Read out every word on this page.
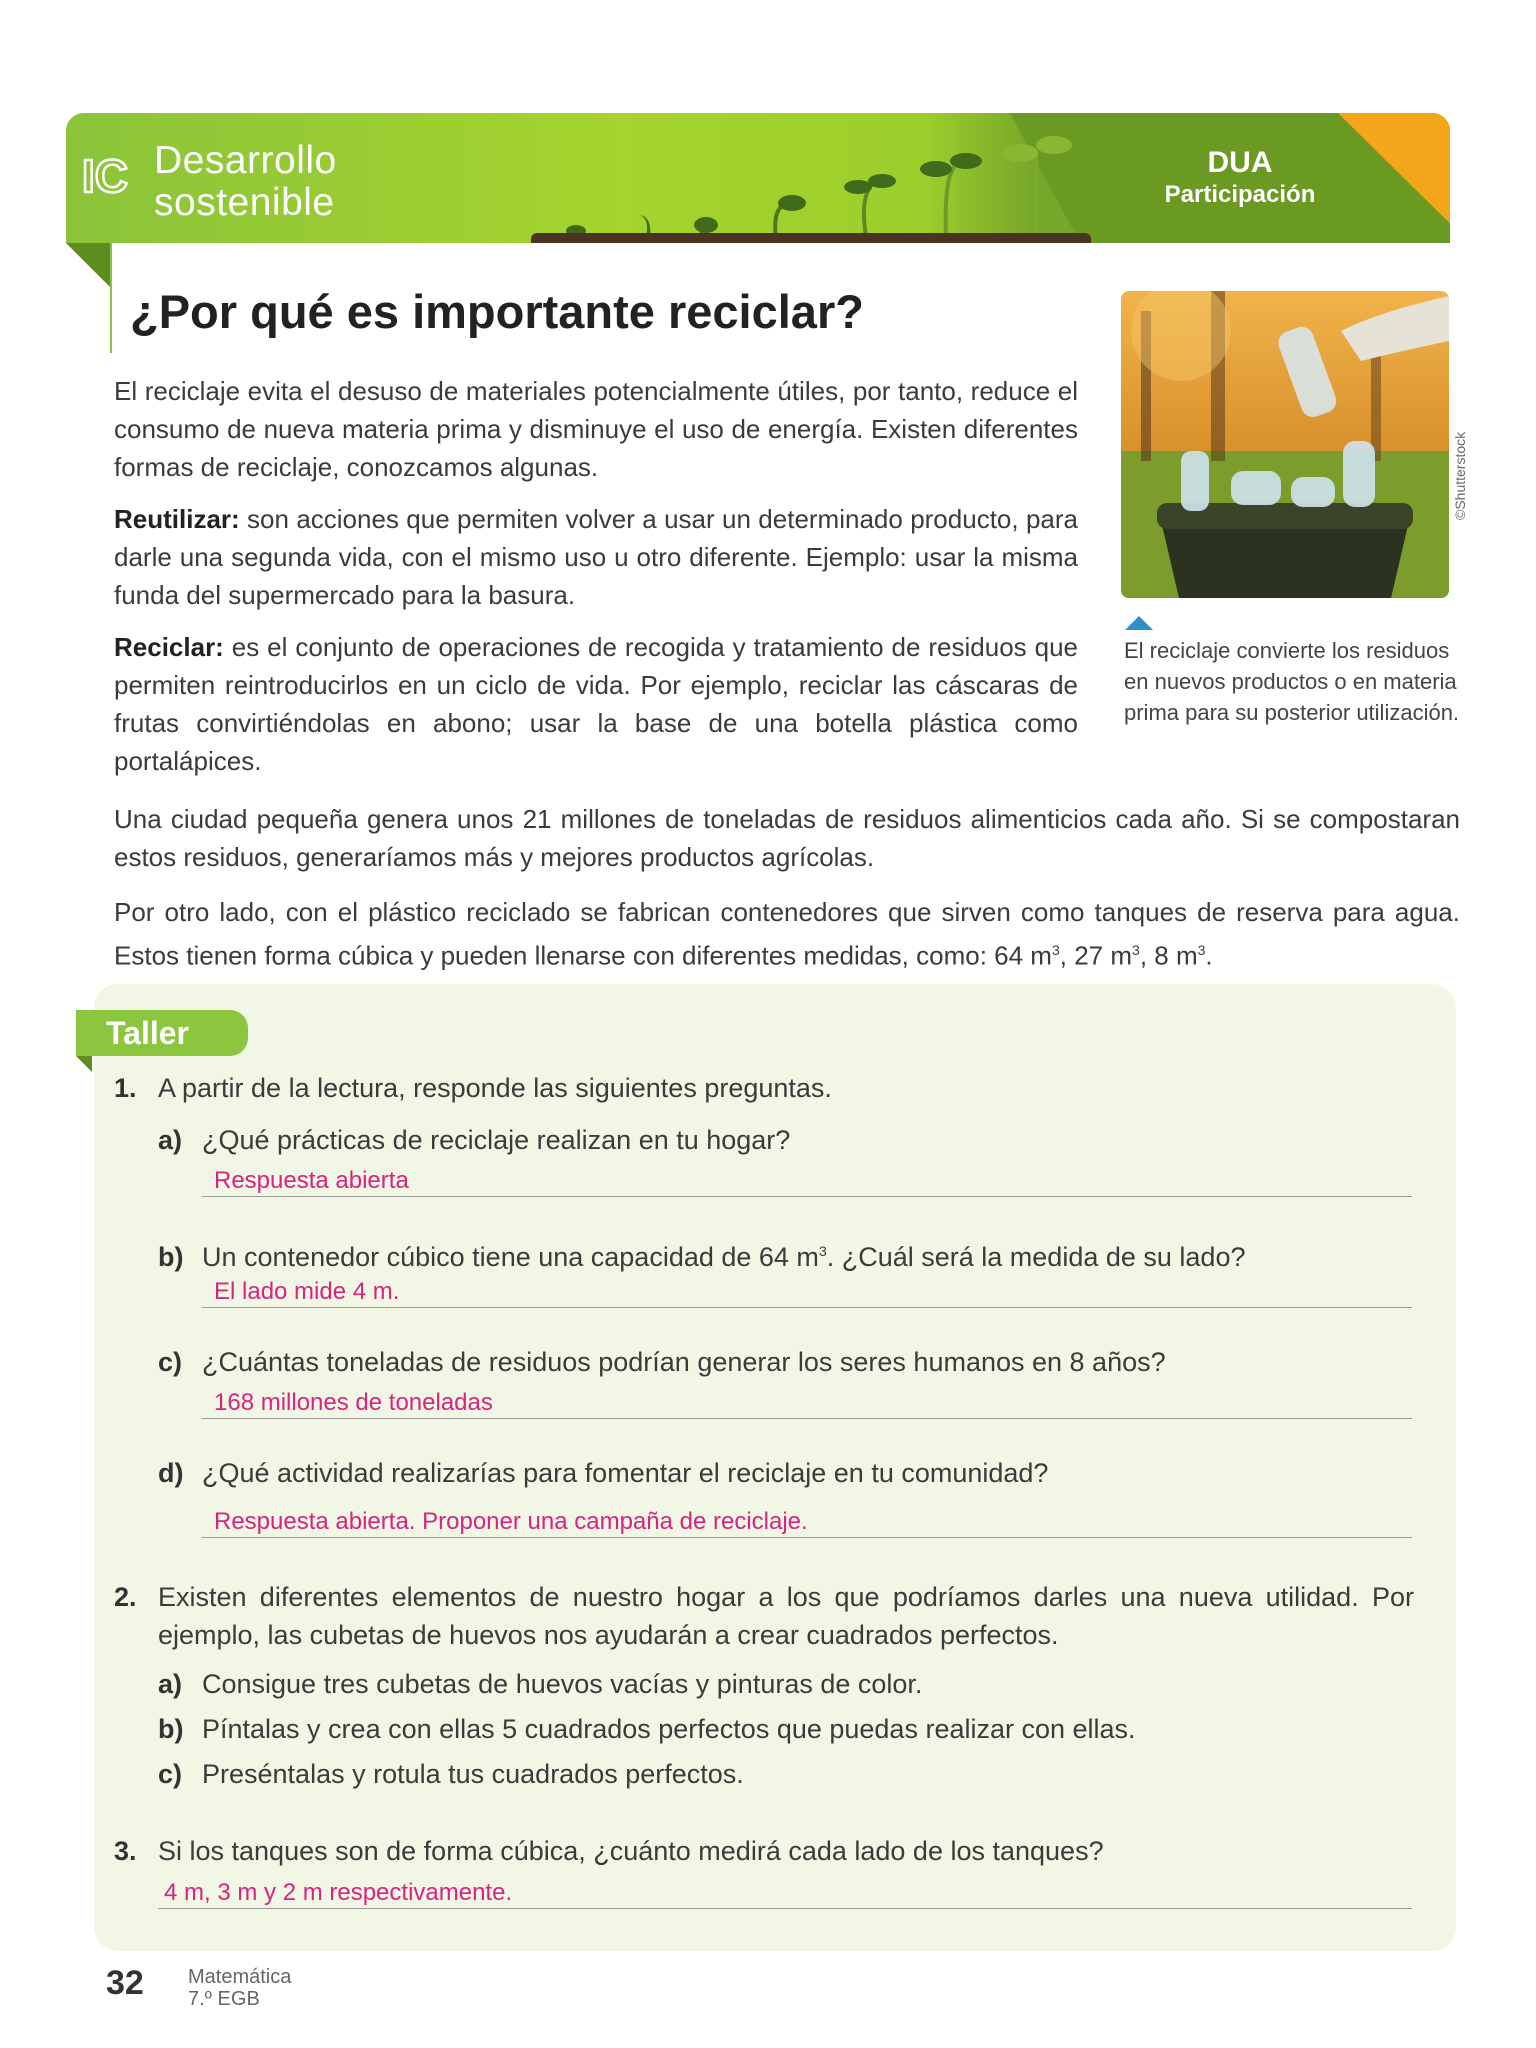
IC Desarrollo
sostenible
DUA
Participación
¿Por qué es importante reciclar?

El reciclaje evita el desuso de materiales potencialmente útiles, por tanto, reduce el consumo de nueva materia prima y disminuye el uso de energía. Existen diferentes formas de reciclaje, conozcamos algunas.

Reutilizar: son acciones que permiten volver a usar un determinado producto, para darle una segunda vida, con el mismo uso u otro diferente. Ejemplo: usar la misma funda del supermercado para la basura.

Reciclar: es el conjunto de operaciones de recogida y tratamiento de residuos que permiten reintroducirlos en un ciclo de vida. Por ejemplo, reciclar las cáscaras de frutas convirtiéndolas en abono; usar la base de una botella plástica como portalápices.

©Shutterstock
El reciclaje convierte los residuos en nuevos productos o en materia prima para su posterior utilización.

Una ciudad pequeña genera unos 21 millones de toneladas de residuos alimenticios cada año. Si se compostaran estos residuos, generaríamos más y mejores productos agrícolas.

Por otro lado, con el plástico reciclado se fabrican contenedores que sirven como tanques de reserva para agua. Estos tienen forma cúbica y pueden llenarse con diferentes medidas, como: 64 $m^3$, 27 $m^3$, 8 $m^3$.

Taller
1. A partir de la lectura, responde las siguientes preguntas.
a) ¿Qué prácticas de reciclaje realizan en tu hogar?
Respuesta abierta
b) Un contenedor cúbico tiene una capacidad de 64 $m^3$. ¿Cuál será la medida de su lado?
El lado mide 4 m.
c) ¿Cuántas toneladas de residuos podrían generar los seres humanos en 8 años?
168 millones de toneladas
d) ¿Qué actividad realizarías para fomentar el reciclaje en tu comunidad?
Respuesta abierta. Proponer una campaña de reciclaje.
2. Existen diferentes elementos de nuestro hogar a los que podríamos darles una nueva utilidad. Por ejemplo, las cubetas de huevos nos ayudarán a crear cuadrados perfectos.
a) Consigue tres cubetas de huevos vacías y pinturas de color.
b) Píntalas y crea con ellas 5 cuadrados perfectos que puedas realizar con ellas.
c) Preséntalas y rotula tus cuadrados perfectos.
3. Si los tanques son de forma cúbica, ¿cuánto medirá cada lado de los tanques?
4 m, 3 m y 2 m respectivamente.
32 Matemática
7.º EGB
